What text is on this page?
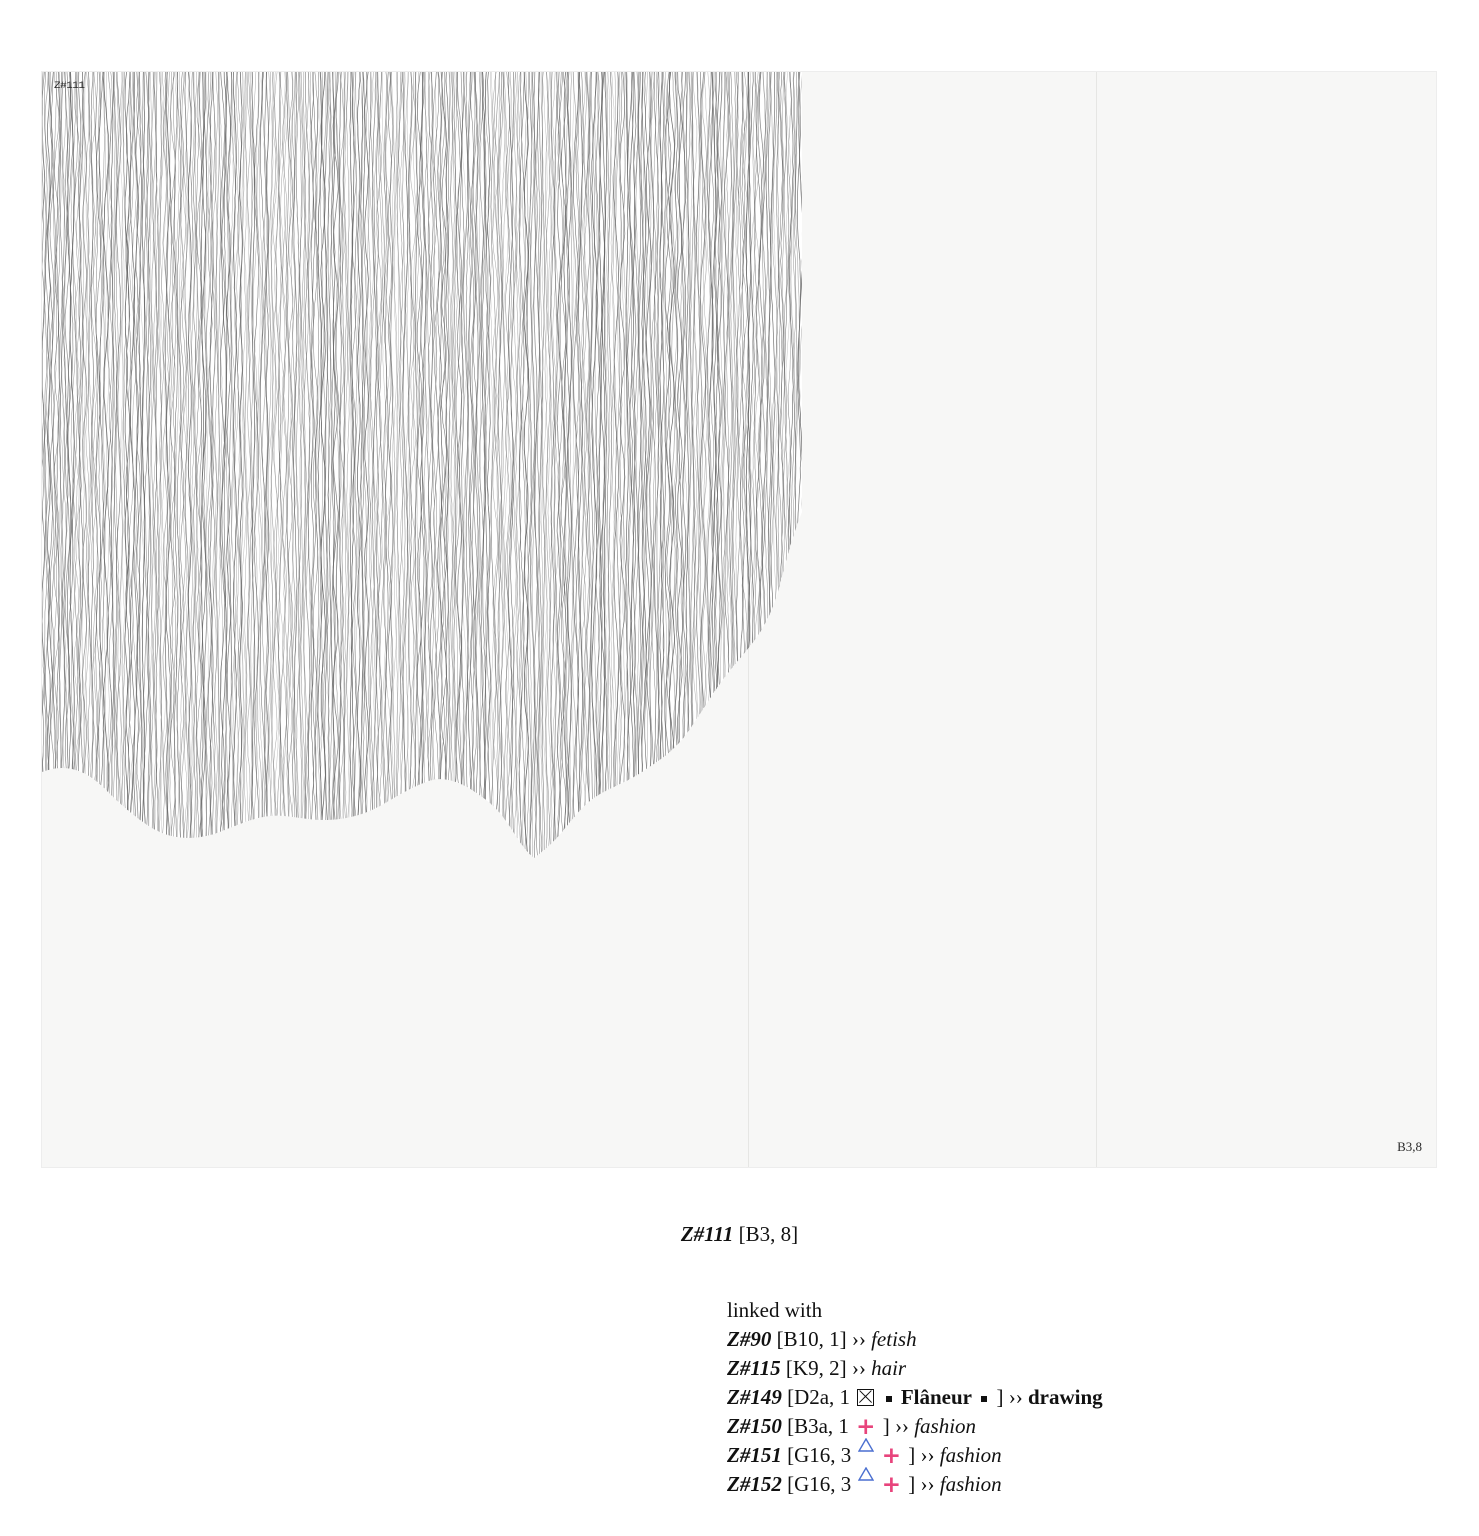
Z#111
B3,8
Z#111 [B3, 8]
linked with
Z#90 [B10, 1] ›› fetish
Z#115 [K9, 2] ›› hair
Z#149 [D2a, 1 ☒ Flâneur ] ›› drawing
Z#150 [B3a, 1 + ] ›› fashion
Z#151 [G16, 3 + ] ›› fashion
Z#152 [G16, 3 + ] ›› fashion
